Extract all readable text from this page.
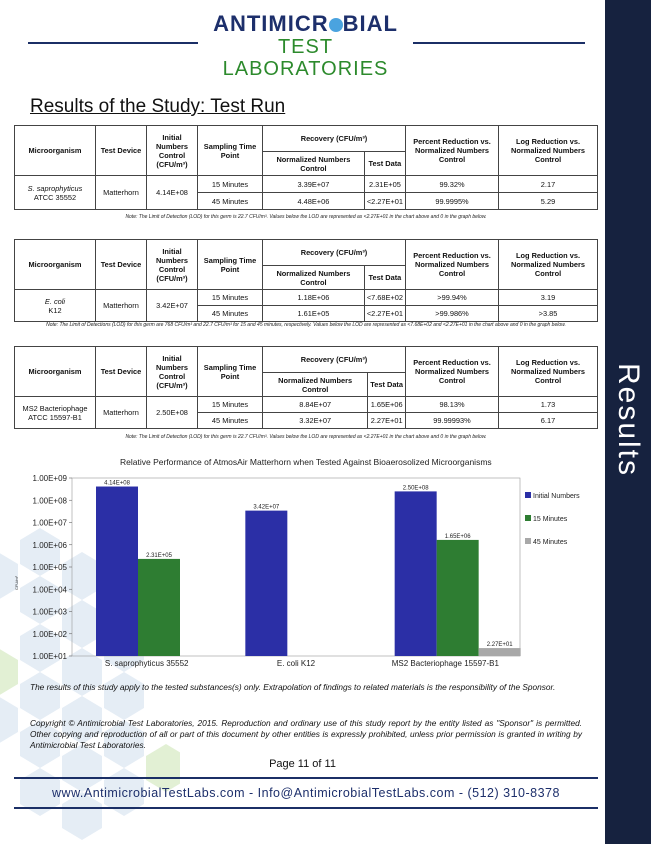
Results
ANTIMICR BIAL
TEST LABORATORIES
Results of the Study: Test Run
Microorganism	Test Device	Initial Numbers Control (CFU/m³)	Sampling Time Point	Recovery (CFU/m³)		Percent Reduction vs. Normalized Numbers Control	Log Reduction vs. Normalized Numbers Control
				Normalized Numbers Control	Test Data		
S. saprophyticus
ATCC 35552	Matterhorn	4.14E+08	15 Minutes	3.39E+07	2.31E+05	99.32%	2.17
			45 Minutes	4.48E+06	<2.27E+01	99.9995%	5.29
Note: The Limit of Detection (LOD) for this germ is 22.7 CFU/m³. Values below the LOD are represented as <2.27E+01 in the chart above and 0 in the graph below.
Microorganism	Test Device	Initial Numbers Control (CFU/m³)	Sampling Time Point	Recovery (CFU/m³)		Percent Reduction vs. Normalized Numbers Control	Log Reduction vs. Normalized Numbers Control
				Normalized Numbers Control	Test Data		
E. coli
K12	Matterhorn	3.42E+07	15 Minutes	1.18E+06	<7.68E+02	>99.94%	3.19
			45 Minutes	1.61E+05	<2.27E+01	>99.986%	>3.85
Note: The Limit of Detections (LOD) for this germ are 768 CFU/m³ and 22.7 CFU/m³ for 15 and 45 minutes, respectively. Values below the LOD are represented as <7.68E+02 and <2.27E+01 in the chart above and 0 in the graph below.
Microorganism	Test Device	Initial Numbers Control (CFU/m³)	Sampling Time Point	Recovery (CFU/m³)		Percent Reduction vs. Normalized Numbers Control	Log Reduction vs. Normalized Numbers Control
				Normalized Numbers Control	Test Data		
MS2 Bacteriophage
ATCC 15597-B1	Matterhorn	2.50E+08	15 Minutes	8.84E+07	1.65E+06	98.13%	1.73
			45 Minutes	3.32E+07	2.27E+01	99.99993%	6.17
Note: The Limit of Detection (LOD) for this germ is 22.7 CFU/m³. Values below the LOD are represented as <2.27E+01 in the chart above and 0 in the graph below.
Relative Performance of AtmosAir Matterhorn when Tested Against Bioaerosolized Microorganisms
1.00E+01
1.00E+02
1.00E+03
1.00E+04
1.00E+05
1.00E+06
1.00E+07
1.00E+08
1.00E+09
CFU/m³
4.14E+08
2.31E+05
S. saprophyticus 35552
3.42E+07
E. coli K12
2.50E+08
1.65E+06
2.27E+01
MS2 Bacteriophage 15597-B1
Initial Numbers
15 Minutes
45 Minutes
The results of this study apply to the tested substances(s) only. Extrapolation of findings to related materials is the responsibility of the Sponsor.
Copyright © Antimicrobial Test Laboratories, 2015. Reproduction and ordinary use of this study report by the entity listed as "Sponsor" is permitted. Other copying and reproduction of all or part of this document by other entities is expressly prohibited, unless prior permission is granted in writing by Antimicrobial Test Laboratories.
Page 11 of 11
www.AntimicrobialTestLabs.com - Info@AntimicrobialTestLabs.com - (512) 310-8378
